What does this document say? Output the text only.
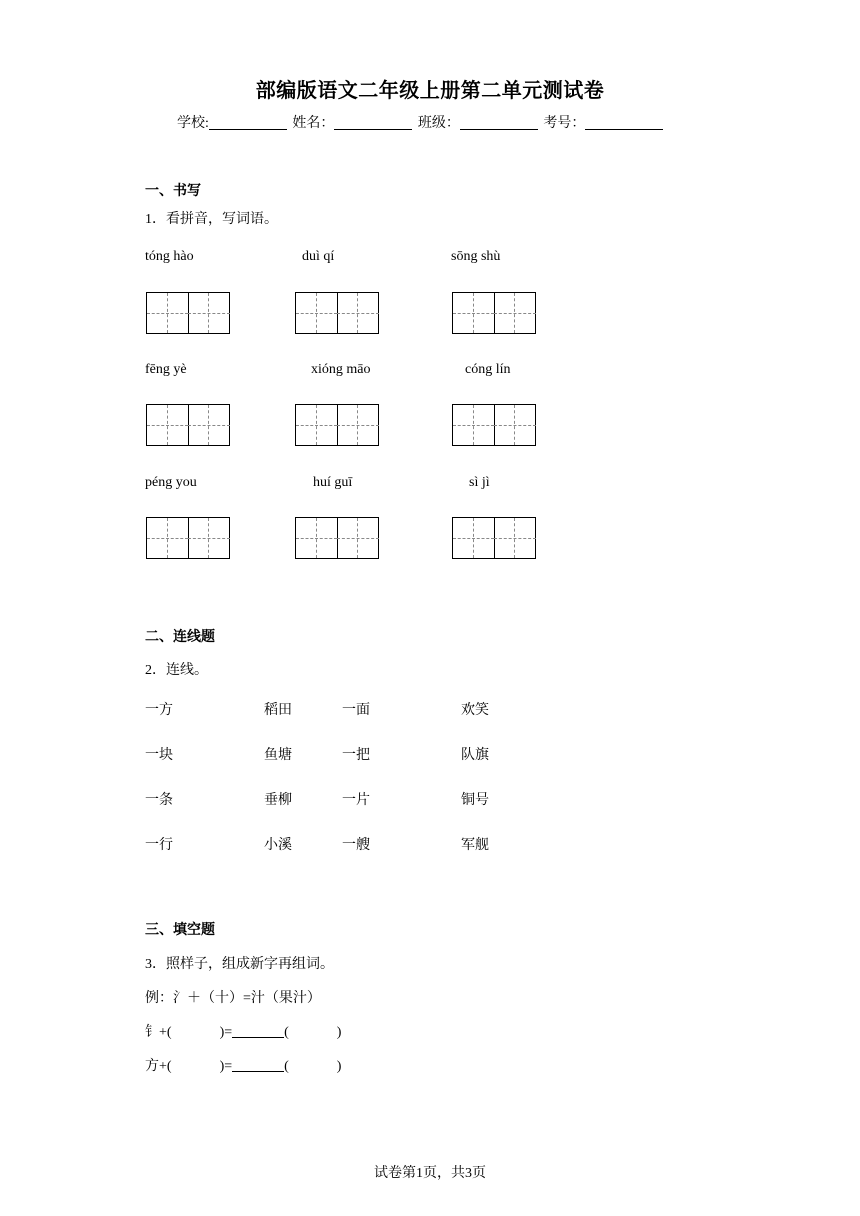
部编版语文二年级上册第二单元测试卷
学校:	姓名：	班级：	考号：
一、书写
1．看拼音，写词语。
tóng hào	duì qí	sōng shù
fēng yè	xióng māo	cóng lín
péng you	huí guī	sì jì
二、连线题
2．连线。
一方	稻田	一面	欢笑
一块	鱼塘	一把	队旗
一条	垂柳	一片	铜号
一行	小溪	一艘	军舰
三、填空题
3．照样子，组成新字再组词。
例：氵＋（十）=汁（果汁）
钅+(	)=	(	)
方+(	)=	(	)
试卷第1页，共3页
